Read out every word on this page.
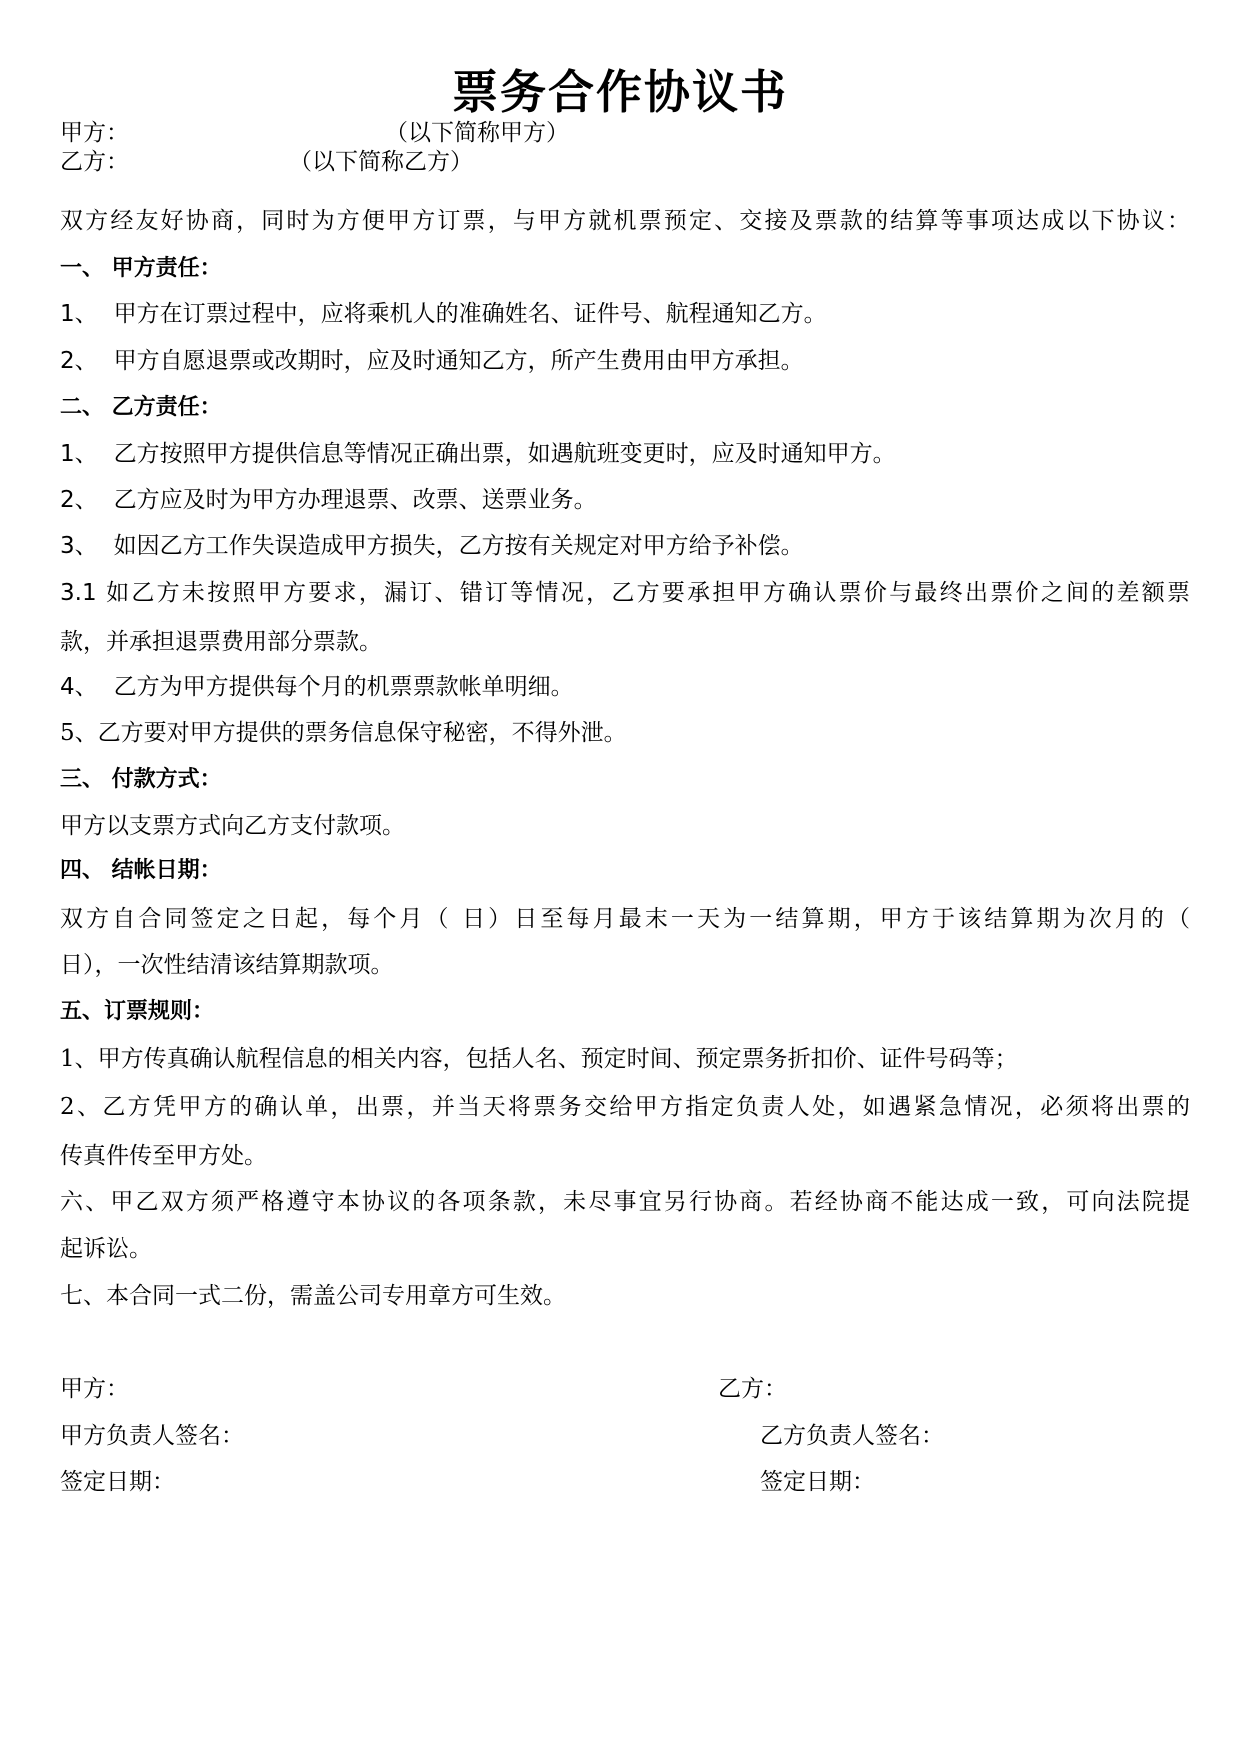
票务合作协议书
甲方：	（以下简称甲方）
乙方：	（以下简称乙方）
双方经友好协商，同时为方便甲方订票，与甲方就机票预定、交接及票款的结算等事项达成以下协议：
一、 甲方责任：
1、 甲方在订票过程中，应将乘机人的准确姓名、证件号、航程通知乙方。
2、 甲方自愿退票或改期时，应及时通知乙方，所产生费用由甲方承担。
二、 乙方责任：
1、 乙方按照甲方提供信息等情况正确出票，如遇航班变更时，应及时通知甲方。
2、 乙方应及时为甲方办理退票、改票、送票业务。
3、 如因乙方工作失误造成甲方损失，乙方按有关规定对甲方给予补偿。
3.1 如乙方未按照甲方要求，漏订、错订等情况，乙方要承担甲方确认票价与最终出票价之间的差额票
款，并承担退票费用部分票款。
4、 乙方为甲方提供每个月的机票票款帐单明细。
5、乙方要对甲方提供的票务信息保守秘密，不得外泄。
三、 付款方式：
甲方以支票方式向乙方支付款项。
四、 结帐日期：
双方自合同签定之日起，每个月（ 日）日至每月最末一天为一结算期，甲方于该结算期为次月的（
日），一次性结清该结算期款项。
五、订票规则：
1、甲方传真确认航程信息的相关内容，包括人名、预定时间、预定票务折扣价、证件号码等；
2、乙方凭甲方的确认单，出票，并当天将票务交给甲方指定负责人处，如遇紧急情况，必须将出票的
传真件传至甲方处。
六、甲乙双方须严格遵守本协议的各项条款，未尽事宜另行协商。若经协商不能达成一致，可向法院提
起诉讼。
七、本合同一式二份，需盖公司专用章方可生效。
甲方：	乙方：
甲方负责人签名：	乙方负责人签名：
签定日期：	签定日期：
